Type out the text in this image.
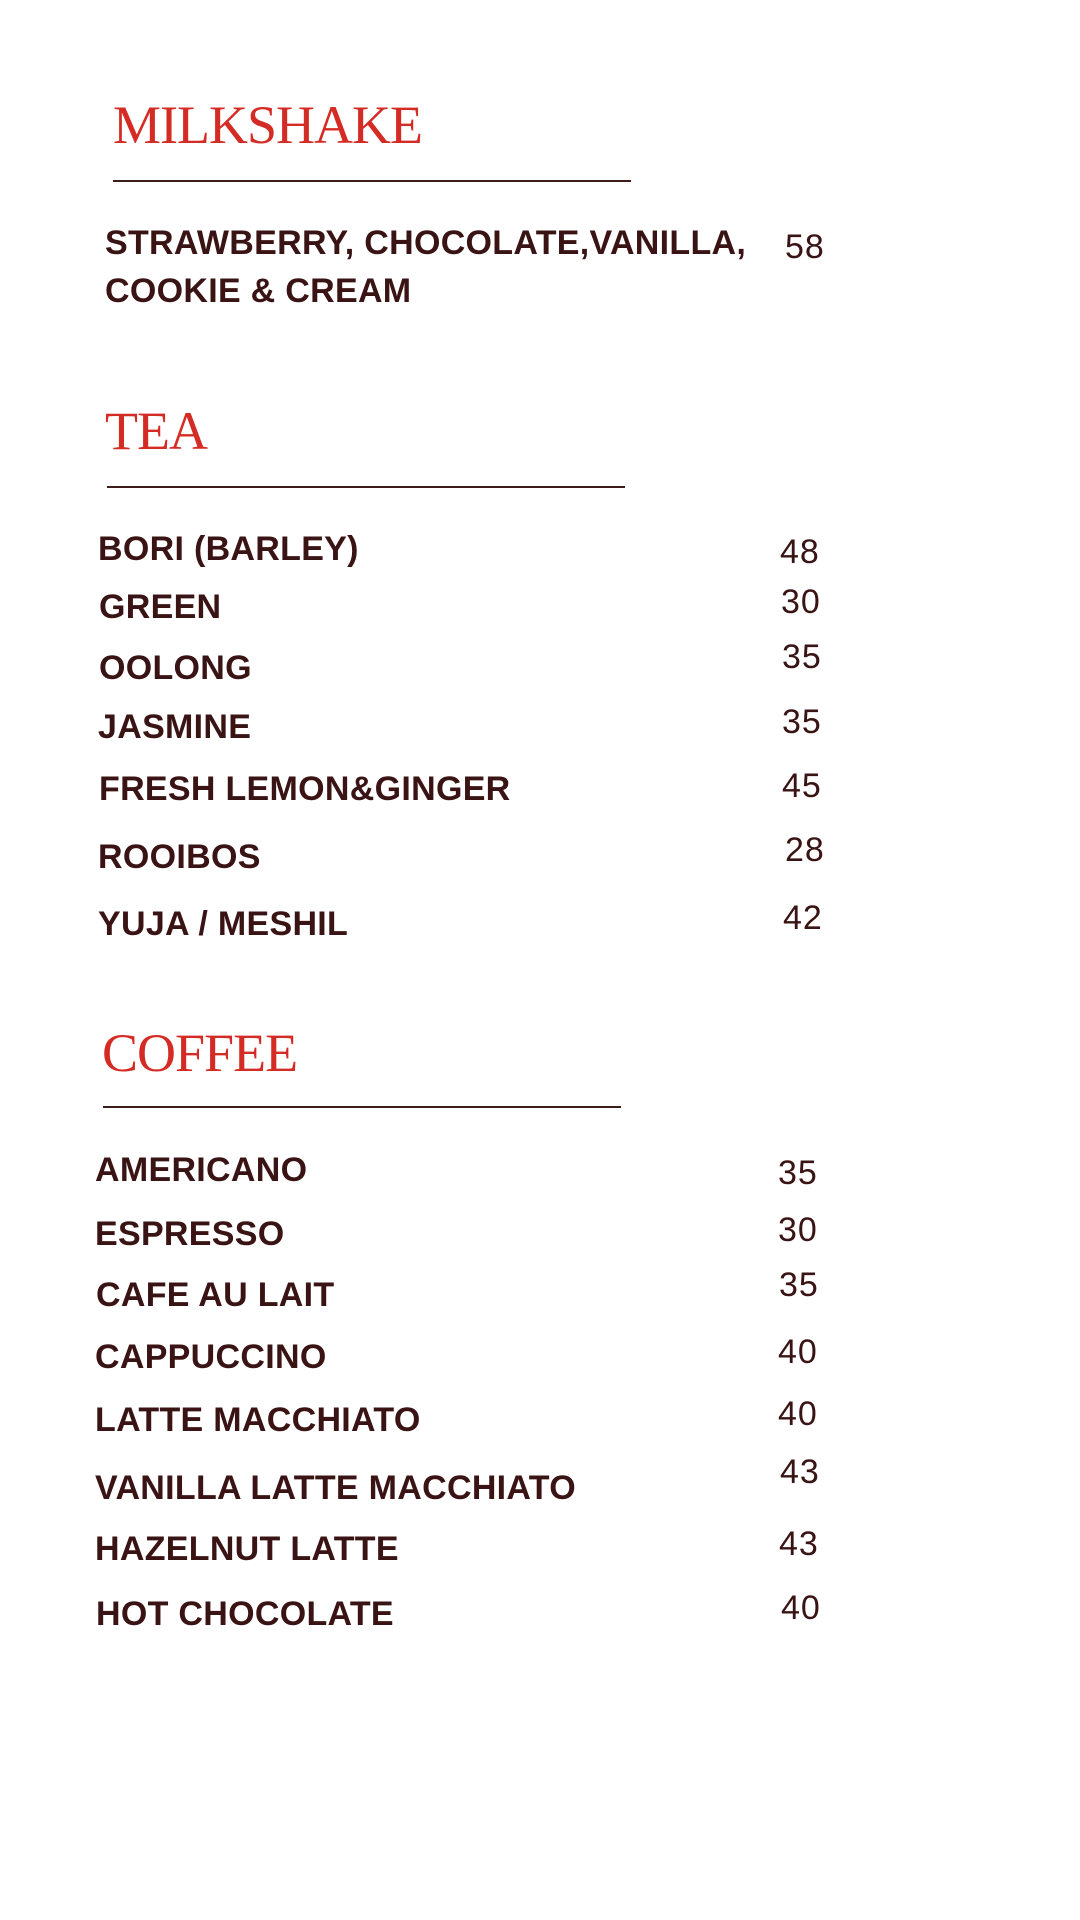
MILKSHAKE
STRAWBERRY, CHOCOLATE,VANILLA,
COOKIE & CREAM
58
TEA
BORI (BARLEY)	48
GREEN	30
OOLONG	35
JASMINE	35
FRESH LEMON&GINGER	45
ROOIBOS	28
YUJA / MESHIL	42
COFFEE
AMERICANO	35
ESPRESSO	30
CAFE AU LAIT	35
CAPPUCCINO	40
LATTE MACCHIATO	40
VANILLA LATTE MACCHIATO	43
HAZELNUT LATTE	43
HOT CHOCOLATE	40
